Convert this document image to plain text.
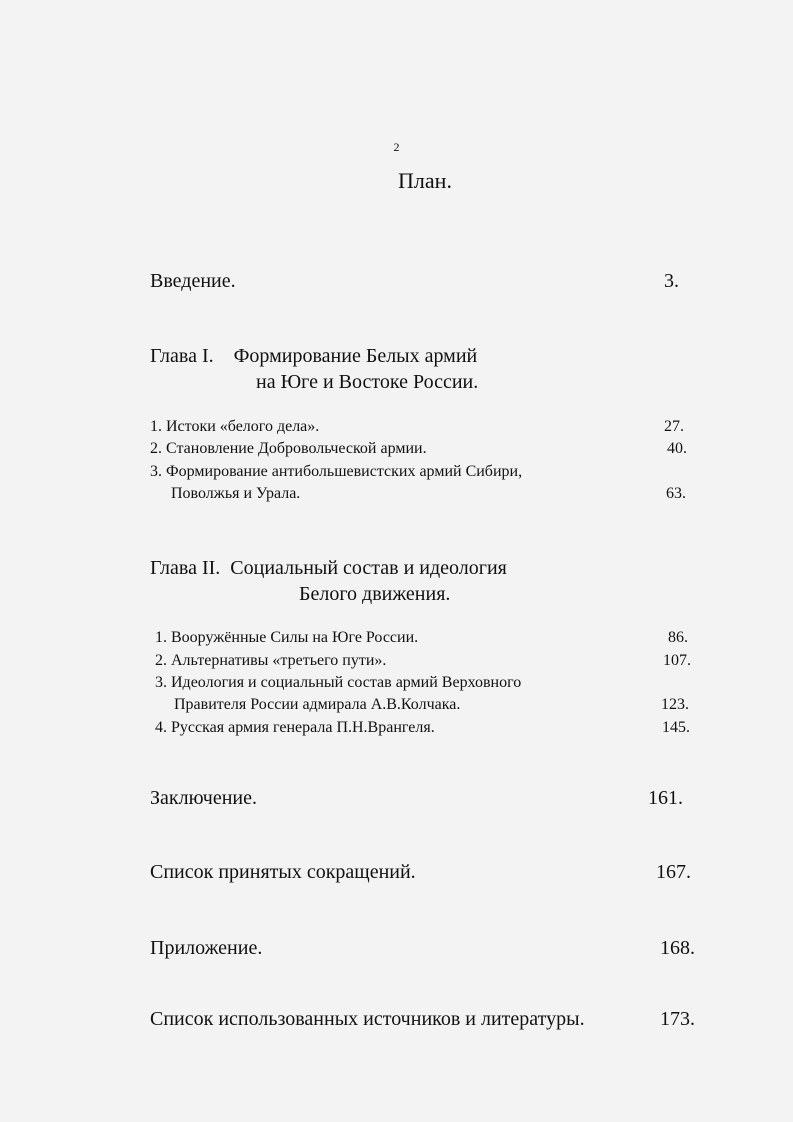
2
План.
Введение.	3.
Глава I.    Формирование Белых армий
на Юге и Востоке России.
1. Истоки «белого дела».	27.
2. Становление Добровольческой армии.	40.
3. Формирование антибольшевистских армий Сибири,
Поволжья и Урала.	63.
Глава II.  Социальный состав и идеология
Белого движения.
1. Вооружённые Силы на Юге России.	86.
2. Альтернативы «третьего пути».	107.
3. Идеология и социальный состав армий Верховного
Правителя России адмирала А.В.Колчака.	123.
4. Русская армия генерала П.Н.Врангеля.	145.
Заключение.	161.
Список принятых сокращений.	167.
Приложение.	168.
Список использованных источников и литературы.	173.
